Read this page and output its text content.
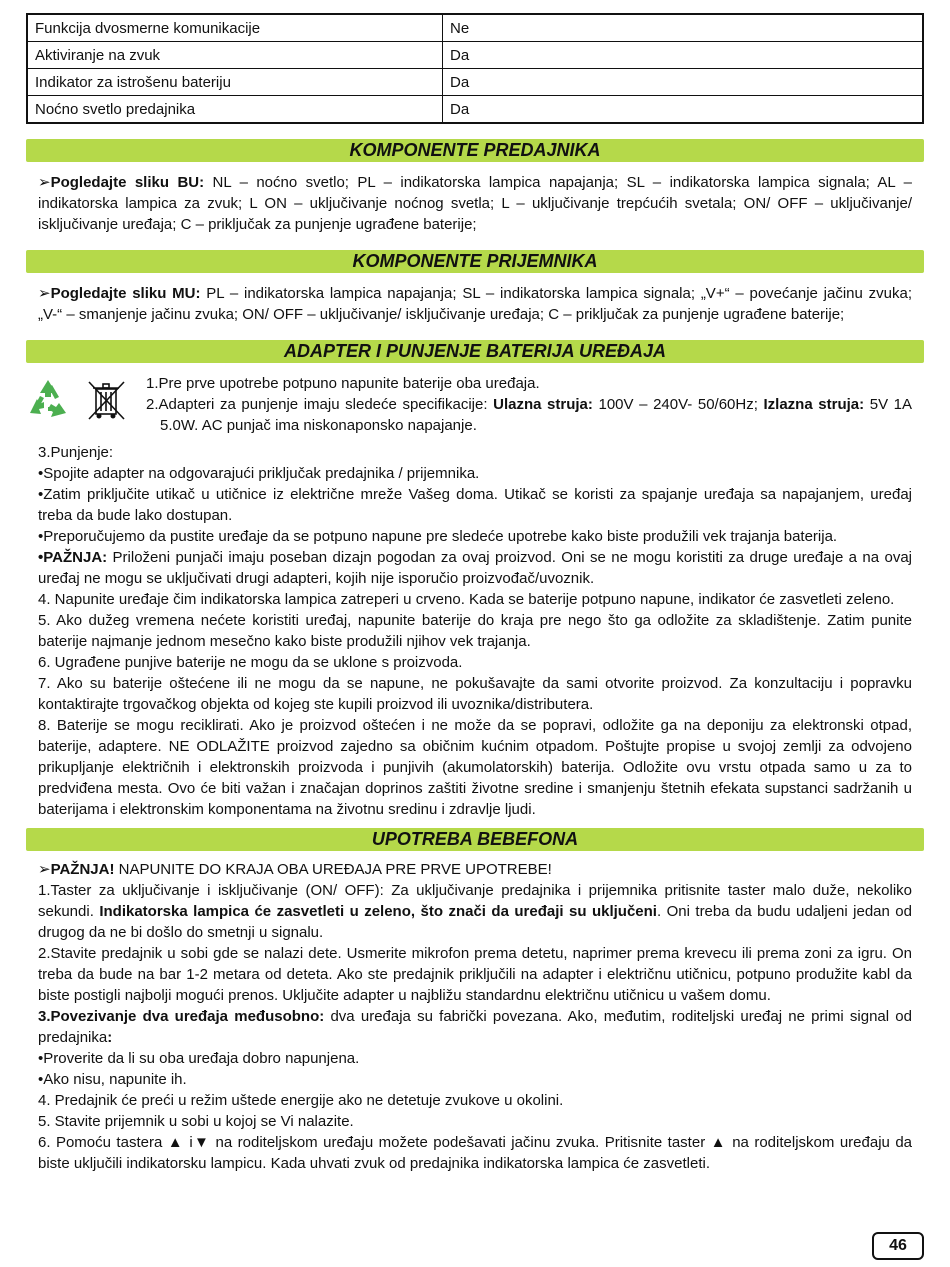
Funkcija dvosmerne komunikacije	Ne
Aktiviranje na zvuk	Da
Indikator za istrošenu bateriju	Da
Noćno svetlo predajnika	Da
KOMPONENTE PREDAJNIKA

➢Pogledajte sliku BU: NL – noćno svetlo; PL – indikatorska lampica napajanja; SL – indikatorska lampica signala; AL – indikatorska lampica za zvuk; L ON – uključivanje noćnog svetla; L – uključivanje trepćućih svetala; ON/ OFF – uključivanje/ isključivanje uređaja; C – priključak za punjenje ugrađene baterije;

KOMPONENTE PRIJEMNIKA

➢Pogledajte sliku MU: PL – indikatorska lampica napajanja; SL – indikatorska lampica signala; „V+“ – povećanje jačinu zvuka; „V-“ – smanjenje jačinu zvuka; ON/ OFF – uključivanje/ isključivanje uređaja; C – priključak za punjenje ugrađene baterije;

ADAPTER I PUNJENJE BATERIJA UREĐAJA

1.Pre prve upotrebe potpuno napunite baterije oba uređaja.

2.Adapteri za punjenje imaju sledeće specifikacije: Ulazna struja: 100V – 240V- 50/60Hz; Izlazna struja: 5V 1A 5.0W. AC punjač ima niskonaponsko napajanje.

3.Punjenje:
•Spojite adapter na odgovarajući priključak predajnika / prijemnika.
•Zatim priključite utikač u utičnice iz električne mreže Vašeg doma. Utikač se koristi za spajanje uređaja sa napajanjem, uređaj treba da bude lako dostupan.
•Preporučujemo da pustite uređaje da se potpuno napune pre sledeće upotrebe kako biste produžili vek trajanja baterija.
•PAŽNJA: Priloženi punjači imaju poseban dizajn pogodan za ovaj proizvod. Oni se ne mogu koristiti za druge uređaje a na ovaj uređaj ne mogu se uključivati drugi adapteri, kojih nije isporučio proizvođač/uvoznik.
4. Napunite uređaje čim indikatorska lampica zatreperi u crveno. Kada se baterije potpuno napune, indikator će zasvetleti zeleno.
5. Ako dužeg vremena nećete koristiti uređaj, napunite baterije do kraja pre nego što ga odložite za skladištenje. Zatim punite baterije najmanje jednom mesečno kako biste produžili njihov vek trajanja.
6. Ugrađene punjive baterije ne mogu da se uklone s proizvoda.
7. Ako su baterije oštećene ili ne mogu da se napune, ne pokušavajte da sami otvorite proizvod. Za konzultaciju i popravku kontaktirajte trgovačkog objekta od kojeg ste kupili proizvod ili uvoznika/distributera.
8. Baterije se mogu reciklirati. Ako je proizvod oštećen i ne može da se popravi, odložite ga na deponiju za elektronski otpad, baterije, adaptere. NE ODLAŽITE proizvod zajedno sa običnim kućnim otpadom. Poštujte propise u svojoj zemlji za odvojeno prikupljanje električnih i elektronskih proizvoda i punjivih (akumolatorskih) baterija. Odložite ovu vrstu otpada samo u za to predviđena mesta. Ovo će biti važan i značajan doprinos zaštiti životne sredine i smanjenju štetnih efekata supstanci sadržanih u baterijama i elektronskim komponentama na životnu sredinu i zdravlje ljudi.
UPOTREBA BEBEFONA
➢PAŽNJA! NAPUNITE DO KRAJA OBA UREĐAJA PRE PRVE UPOTREBE!
1.Taster za uključivanje i isključivanje (ON/ OFF): Za uključivanje predajnika i prijemnika pritisnite taster malo duže, nekoliko sekundi. Indikatorska lampica će zasvetleti u zeleno, što znači da uređaji su uključeni. Oni treba da budu udaljeni jedan od drugog da ne bi došlo do smetnji u signalu.
2.Stavite predajnik u sobi gde se nalazi dete. Usmerite mikrofon prema detetu, naprimer prema krevecu ili prema zoni za igru. On treba da bude na bar 1-2 metara od deteta. Ako ste predajnik priključili na adapter i električnu utičnicu, potpuno produžite kabl da biste postigli najbolji mogući prenos. Uključite adapter u najbližu standardnu električnu utičnicu u vašem domu.
3.Povezivanje dva uređaja međusobno: dva uređaja su fabrički povezana. Ako, međutim, roditeljski uređaj ne primi signal od predajnika:
•Proverite da li su oba uređaja dobro napunjena.
•Ako nisu, napunite ih.
4. Predajnik će preći u režim uštede energije ako ne detetuje zvukove u okolini.
5. Stavite prijemnik u sobi u kojoj se Vi nalazite.
6. Pomoću tastera ▲ i▼ na roditeljskom uređaju možete podešavati jačinu zvuka. Pritisnite taster ▲ na roditeljskom uređaju da biste uključili indikatorsku lampicu. Kada uhvati zvuk od predajnika indikatorska lampica će zasvetleti.
46
